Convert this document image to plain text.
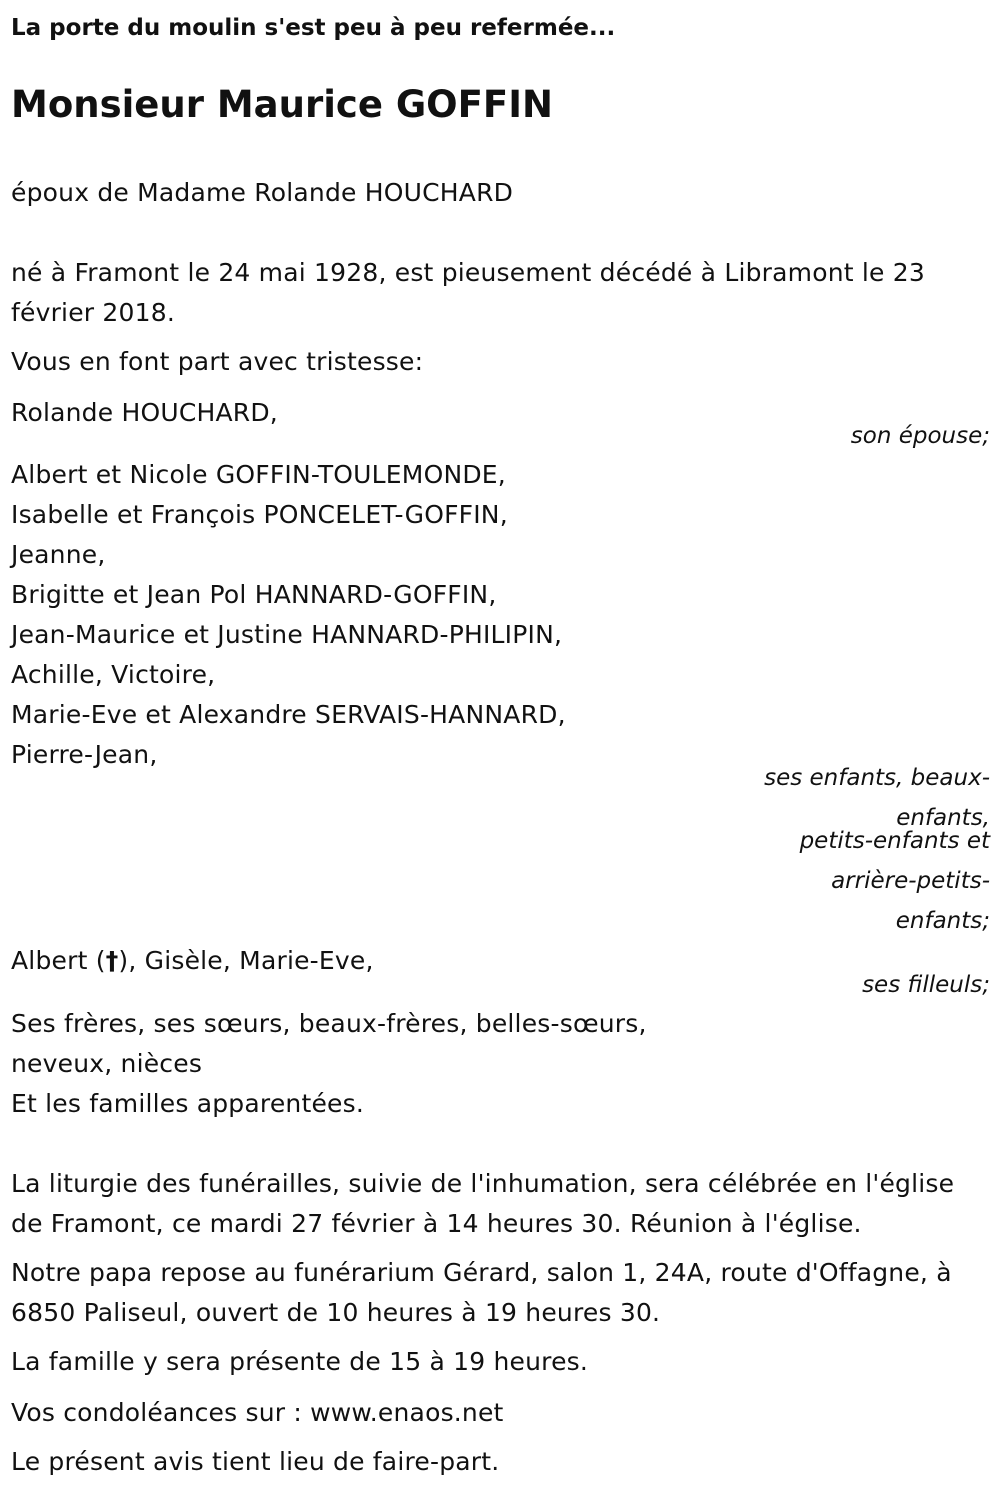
La porte du moulin s'est peu à peu refermée...
Monsieur Maurice GOFFIN
époux de Madame Rolande HOUCHARD
né à Framont le 24 mai 1928, est pieusement décédé à Libramont le 23 février 2018.
Vous en font part avec tristesse:
Rolande HOUCHARD,
son épouse;
Albert et Nicole GOFFIN-TOULEMONDE,
Isabelle et François PONCELET-GOFFIN,
Jeanne,
Brigitte et Jean Pol HANNARD-GOFFIN,
Jean-Maurice et Justine HANNARD-PHILIPIN,
Achille, Victoire,
Marie-Eve et Alexandre SERVAIS-HANNARD,
Pierre-Jean,
ses enfants, beaux-
enfants,
petits-enfants et
arrière-petits-
enfants;
Albert (†), Gisèle, Marie-Eve,
ses filleuls;
Ses frères, ses sœurs, beaux-frères, belles-sœurs,
neveux, nièces
Et les familles apparentées.
La liturgie des funérailles, suivie de l'inhumation, sera célébrée en l'église
de Framont, ce mardi 27 février à 14 heures 30. Réunion à l'église.
Notre papa repose au funérarium Gérard, salon 1, 24A, route d'Offagne, à
6850 Paliseul, ouvert de 10 heures à 19 heures 30.
La famille y sera présente de 15 à 19 heures.
Vos condoléances sur : www.enaos.net
Le présent avis tient lieu de faire-part.
